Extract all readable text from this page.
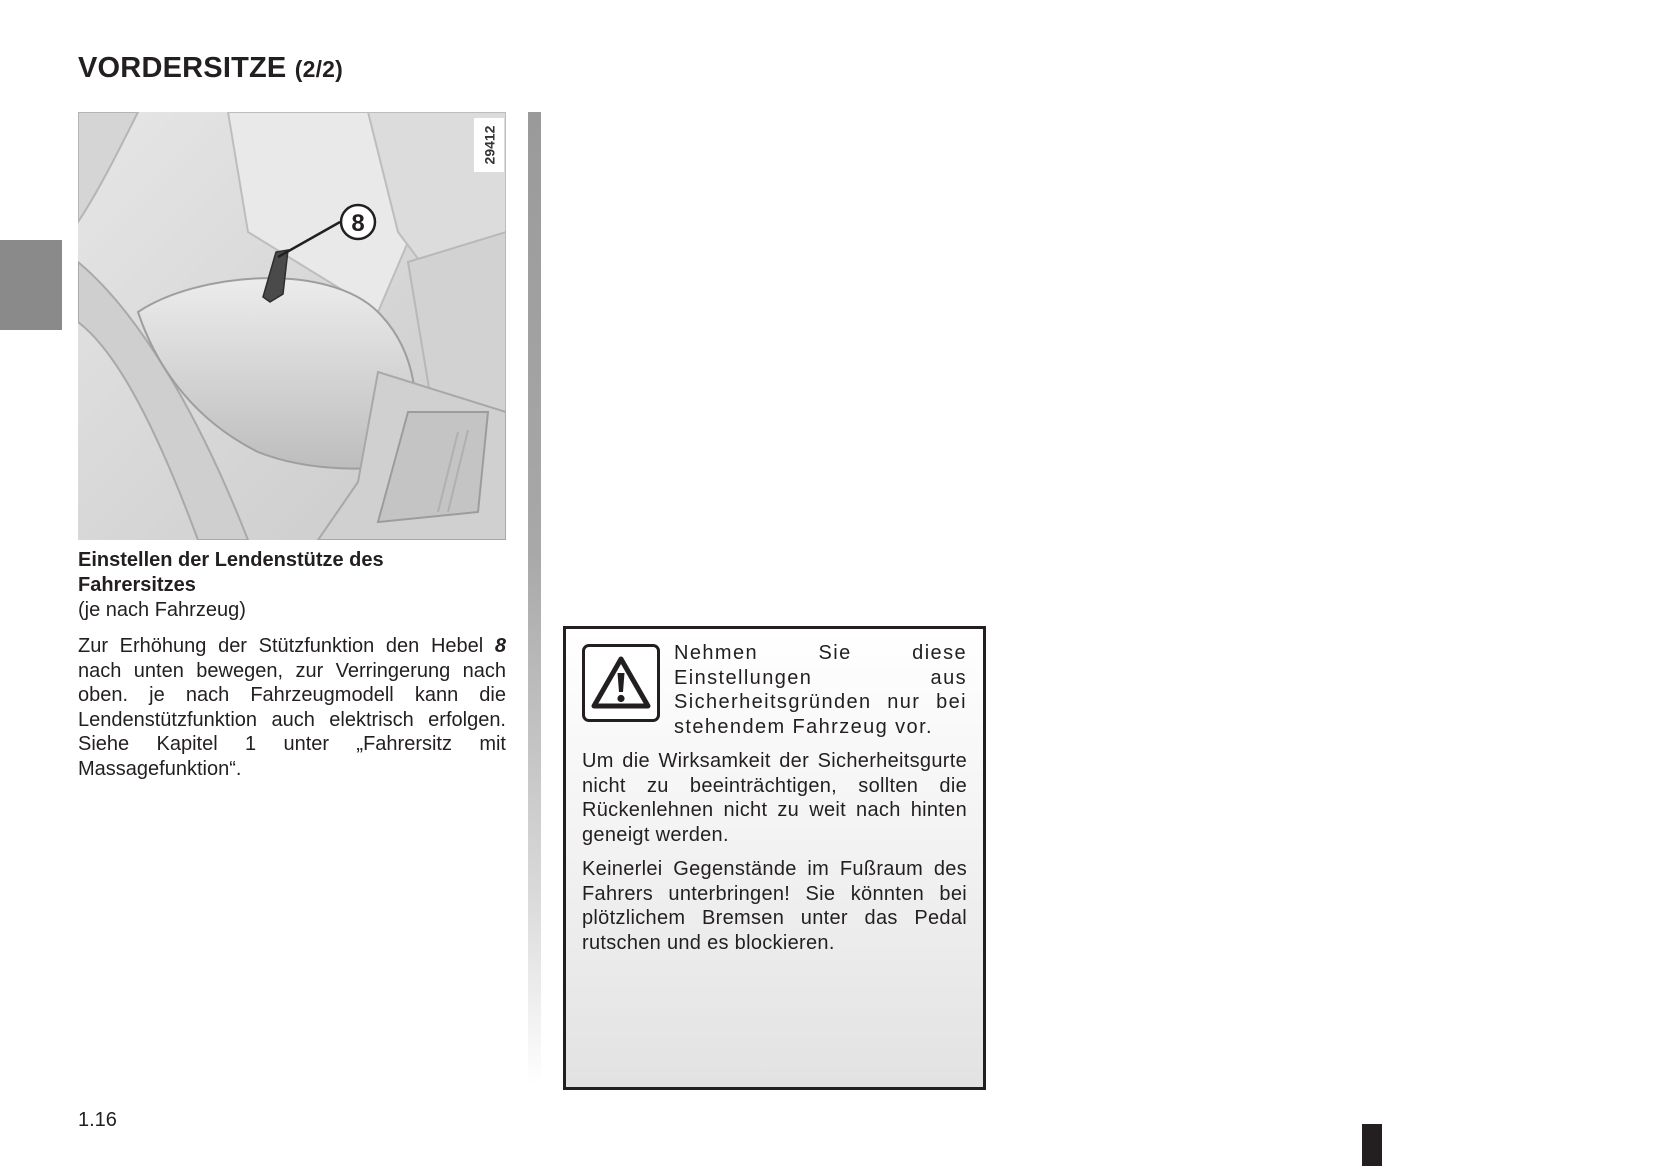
VORDERSITZE (2/2)
8
29412

Einstellen der Lendenstütze des Fahrersitzes

(je nach Fahrzeug)

Zur Erhöhung der Stützfunktion den Hebel 8 nach unten bewegen, zur Verringerung nach oben. je nach Fahrzeugmodell kann die Lendenstützfunktion auch elektrisch erfolgen. Siehe Kapitel 1 unter „Fahrersitz mit Massagefunktion“.

Nehmen Sie diese Einstellungen aus Sicherheitsgründen nur bei stehendem Fahrzeug vor.

Um die Wirksamkeit der Sicherheitsgurte nicht zu beeinträchtigen, sollten die Rückenlehnen nicht zu weit nach hinten geneigt werden.

Keinerlei Gegenstände im Fußraum des Fahrers unterbringen! Sie könnten bei plötzlichem Bremsen unter das Pedal rutschen und es blockieren.

1.16
